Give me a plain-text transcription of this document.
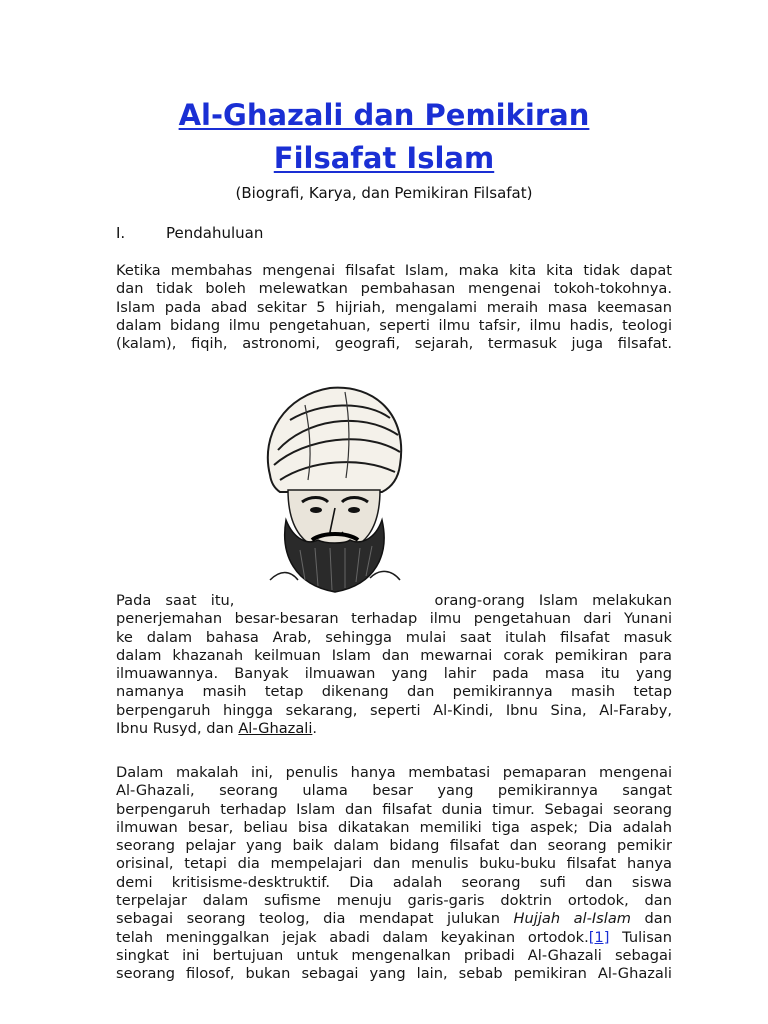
Al-Ghazali dan Pemikiran
Filsafat Islam
(Biografi, Karya, dan Pemikiran Filsafat)
I.	Pendahuluan
Ketika membahas mengenai filsafat Islam, maka kita kita tidak dapat
dan tidak boleh melewatkan pembahasan mengenai tokoh-tokohnya.
Islam pada abad sekitar 5 hijriah, mengalami meraih masa keemasan
dalam bidang ilmu pengetahuan, seperti ilmu tafsir, ilmu hadis, teologi
(kalam), fiqih, astronomi, geografi, sejarah, termasuk juga filsafat.
Pada saat itu,	orang-orang Islam melakukan
penerjemahan besar-besaran terhadap ilmu pengetahuan dari Yunani
ke dalam bahasa Arab, sehingga mulai saat itulah filsafat masuk
dalam khazanah keilmuan Islam dan mewarnai corak pemikiran para
ilmuawannya. Banyak ilmuawan yang lahir pada masa itu yang
namanya masih tetap dikenang dan pemikirannya masih tetap
berpengaruh hingga sekarang, seperti Al-Kindi, Ibnu Sina, Al-Faraby,
Ibnu Rusyd, dan Al-Ghazali.
Dalam makalah ini, penulis hanya membatasi pemaparan mengenai
Al-Ghazali, seorang ulama besar yang pemikirannya sangat
berpengaruh terhadap Islam dan filsafat dunia timur. Sebagai seorang
ilmuwan besar, beliau bisa dikatakan memiliki tiga aspek; Dia adalah
seorang pelajar yang baik dalam bidang filsafat dan seorang pemikir
orisinal, tetapi dia mempelajari dan menulis buku-buku filsafat hanya
demi kritisisme-desktruktif. Dia adalah seorang sufi dan siswa
terpelajar dalam sufisme menuju garis-garis doktrin ortodok, dan
sebagai seorang teolog, dia mendapat julukan Hujjah al-Islam dan
telah meninggalkan jejak abadi dalam keyakinan ortodok.[1] Tulisan
singkat ini bertujuan untuk mengenalkan pribadi Al-Ghazali sebagai
seorang filosof, bukan sebagai yang lain, sebab pemikiran Al-Ghazali
